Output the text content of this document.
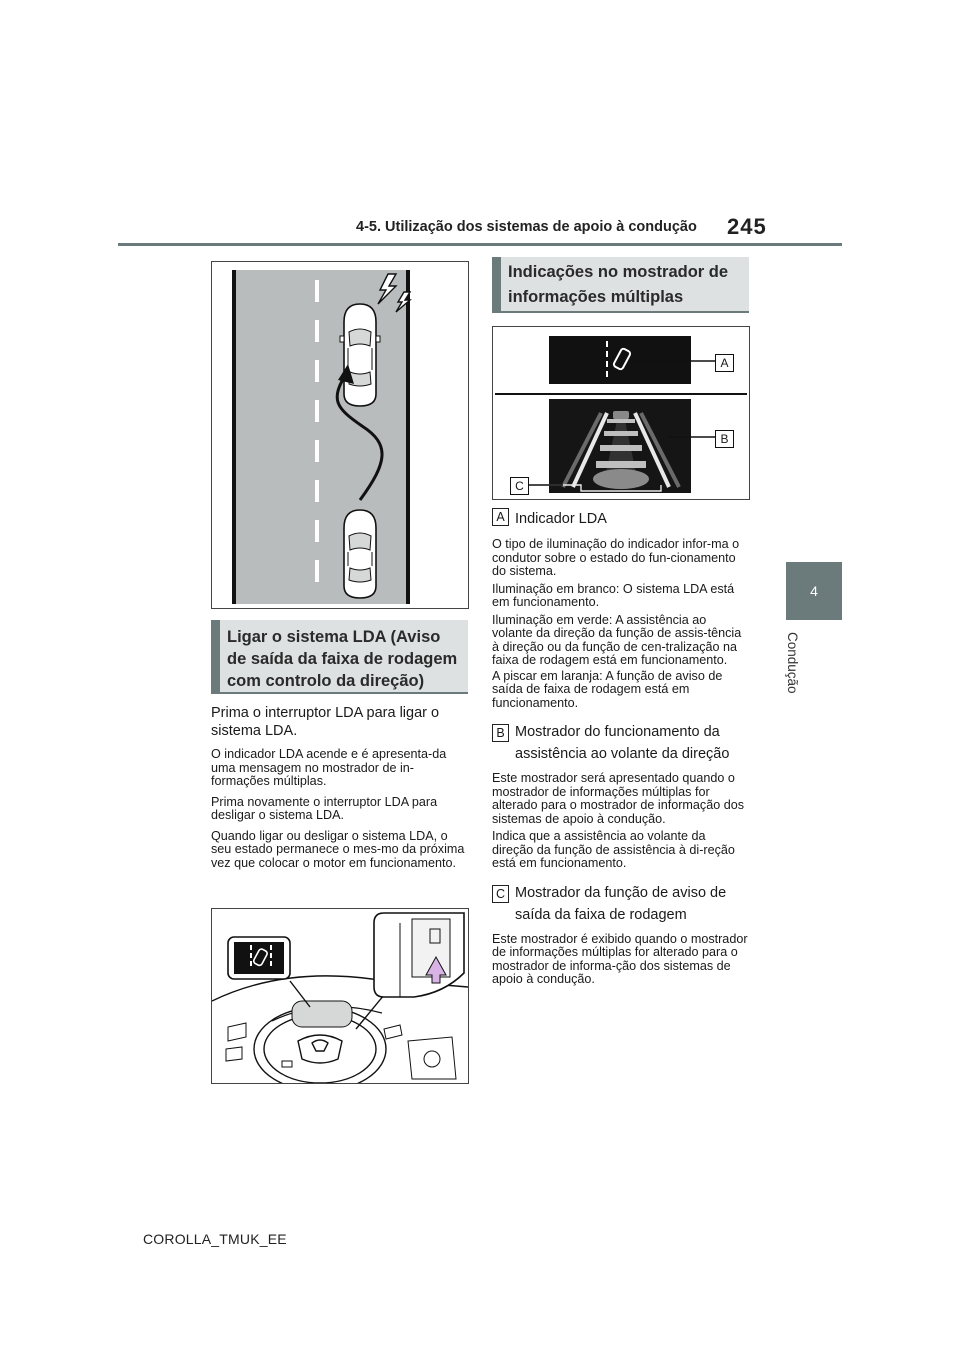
4-5. Utilização dos sistemas de apoio à condução 245
4
Condução
Ligar o sistema LDA (Aviso de saída da faixa de rodagem com controlo da direção)

Prima o interruptor LDA para ligar o sistema LDA.

O indicador LDA acende e é apresenta-da uma mensagem no mostrador de in-formações múltiplas.

Prima novamente o interruptor LDA para desligar o sistema LDA.

Quando ligar ou desligar o sistema LDA, o seu estado permanece o mes-mo da próxima vez que colocar o motor em funcionamento.

Indicações no mostrador de informações múltiplas
A
B
C
A Indicador LDA

O tipo de iluminação do indicador infor-ma o condutor sobre o estado do fun-cionamento do sistema.

Iluminação em branco: O sistema LDA está em funcionamento.

Iluminação em verde: A assistência ao volante da direção da função de assis-tência à direção ou da função de cen-tralização na faixa de rodagem está em funcionamento.

A piscar em laranja: A função de aviso de saída de faixa de rodagem está em funcionamento.

B Mostrador do funcionamento da assistência ao volante da direção

Este mostrador será apresentado quando o mostrador de informações múltiplas for alterado para o mostrador de informação dos sistemas de apoio à condução.

Indica que a assistência ao volante da direção da função de assistência à di-reção está em funcionamento.

C Mostrador da função de aviso de saída da faixa de rodagem

Este mostrador é exibido quando o mostrador de informações múltiplas for alterado para o mostrador de informa-ção dos sistemas de apoio à condução.

COROLLA_TMUK_EE
